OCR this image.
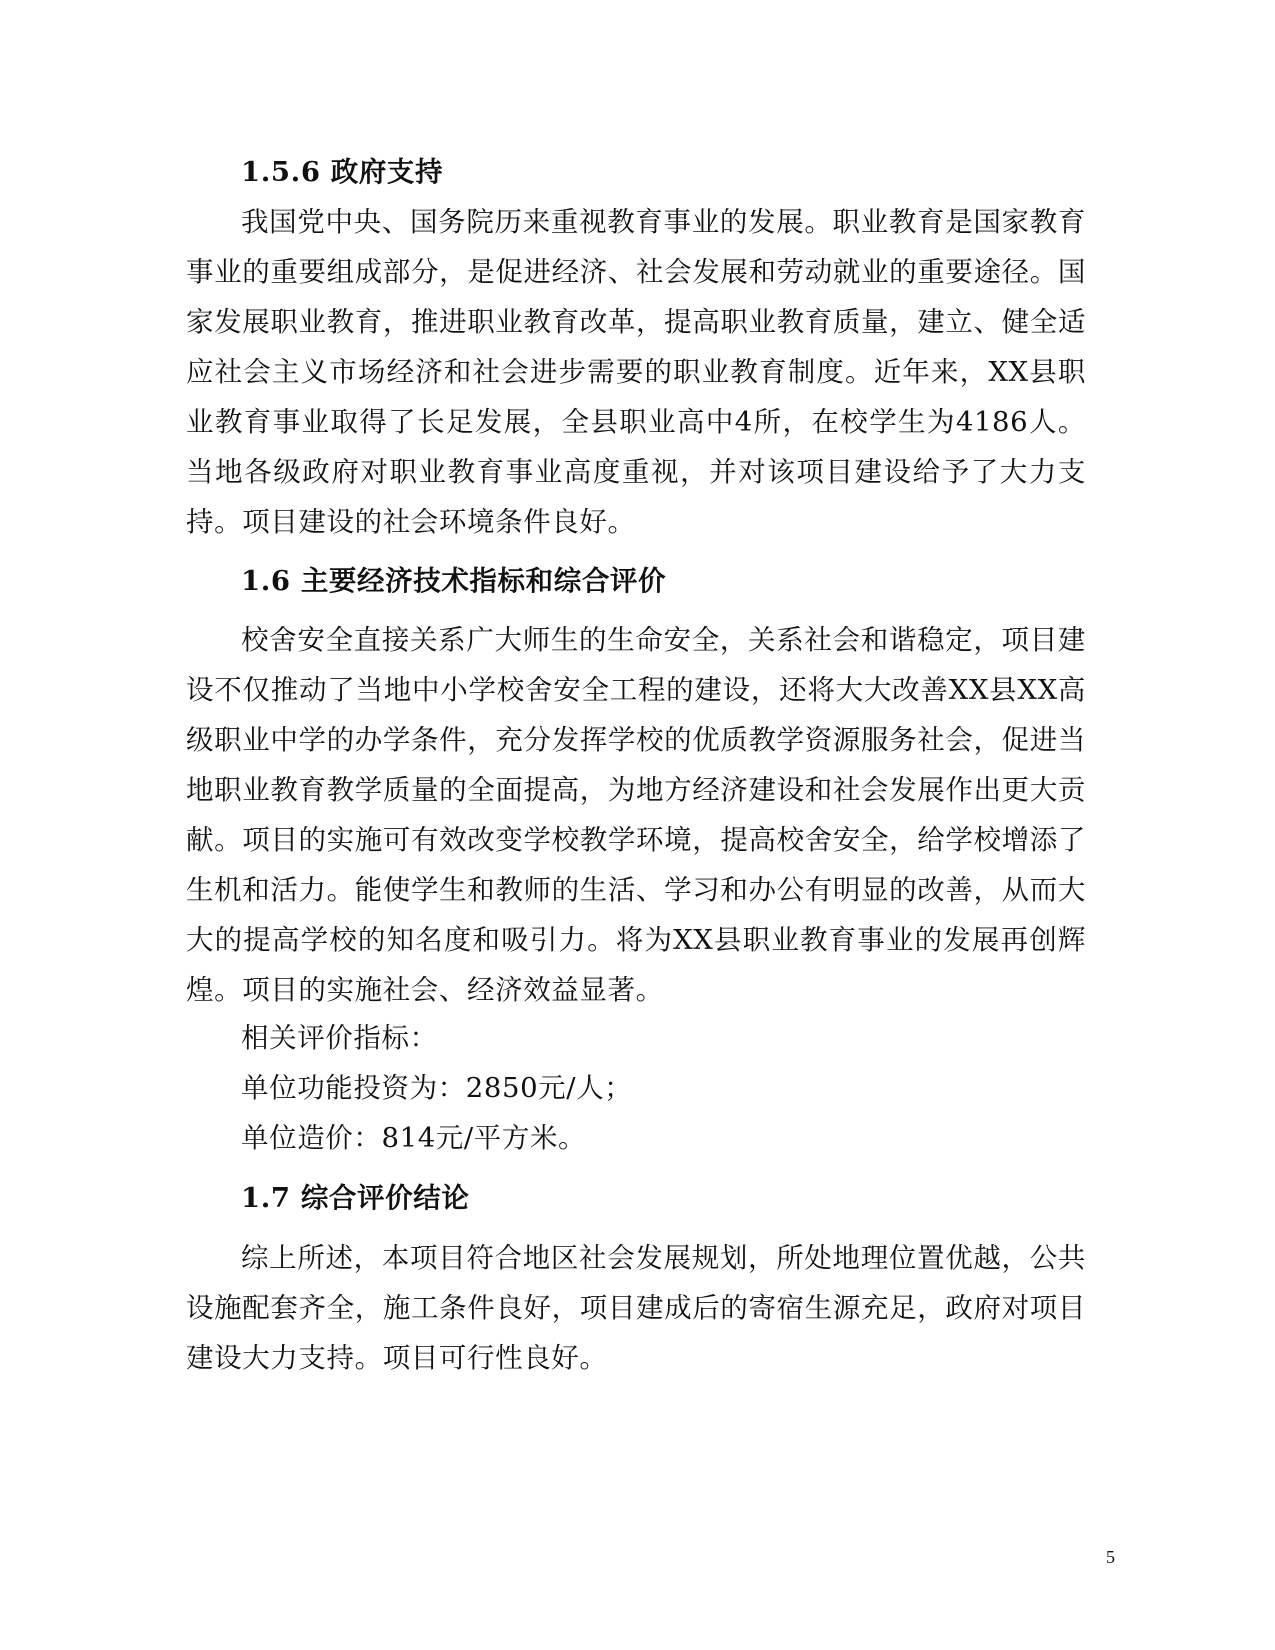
1.5.6 政府支持

我国党中央、国务院历来重视教育事业的发展。职业教育是国家教育事业的重要组成部分，是促进经济、社会发展和劳动就业的重要途径。国家发展职业教育，推进职业教育改革，提高职业教育质量，建立、健全适应社会主义市场经济和社会进步需要的职业教育制度。近年来，XX县职业教育事业取得了长足发展，全县职业高中4所，在校学生为4186人。当地各级政府对职业教育事业高度重视，并对该项目建设给予了大力支持。项目建设的社会环境条件良好。

1.6 主要经济技术指标和综合评价

校舍安全直接关系广大师生的生命安全，关系社会和谐稳定，项目建设不仅推动了当地中小学校舍安全工程的建设，还将大大改善XX县XX高级职业中学的办学条件，充分发挥学校的优质教学资源服务社会，促进当地职业教育教学质量的全面提高，为地方经济建设和社会发展作出更大贡献。项目的实施可有效改变学校教学环境，提高校舍安全，给学校增添了生机和活力。能使学生和教师的生活、学习和办公有明显的改善，从而大大的提高学校的知名度和吸引力。将为XX县职业教育事业的发展再创辉煌。项目的实施社会、经济效益显著。

相关评价指标：

单位功能投资为：2850元/人；

单位造价：814元/平方米。

1.7 综合评价结论

综上所述，本项目符合地区社会发展规划，所处地理位置优越，公共设施配套齐全，施工条件良好，项目建成后的寄宿生源充足，政府对项目建设大力支持。项目可行性良好。

5
